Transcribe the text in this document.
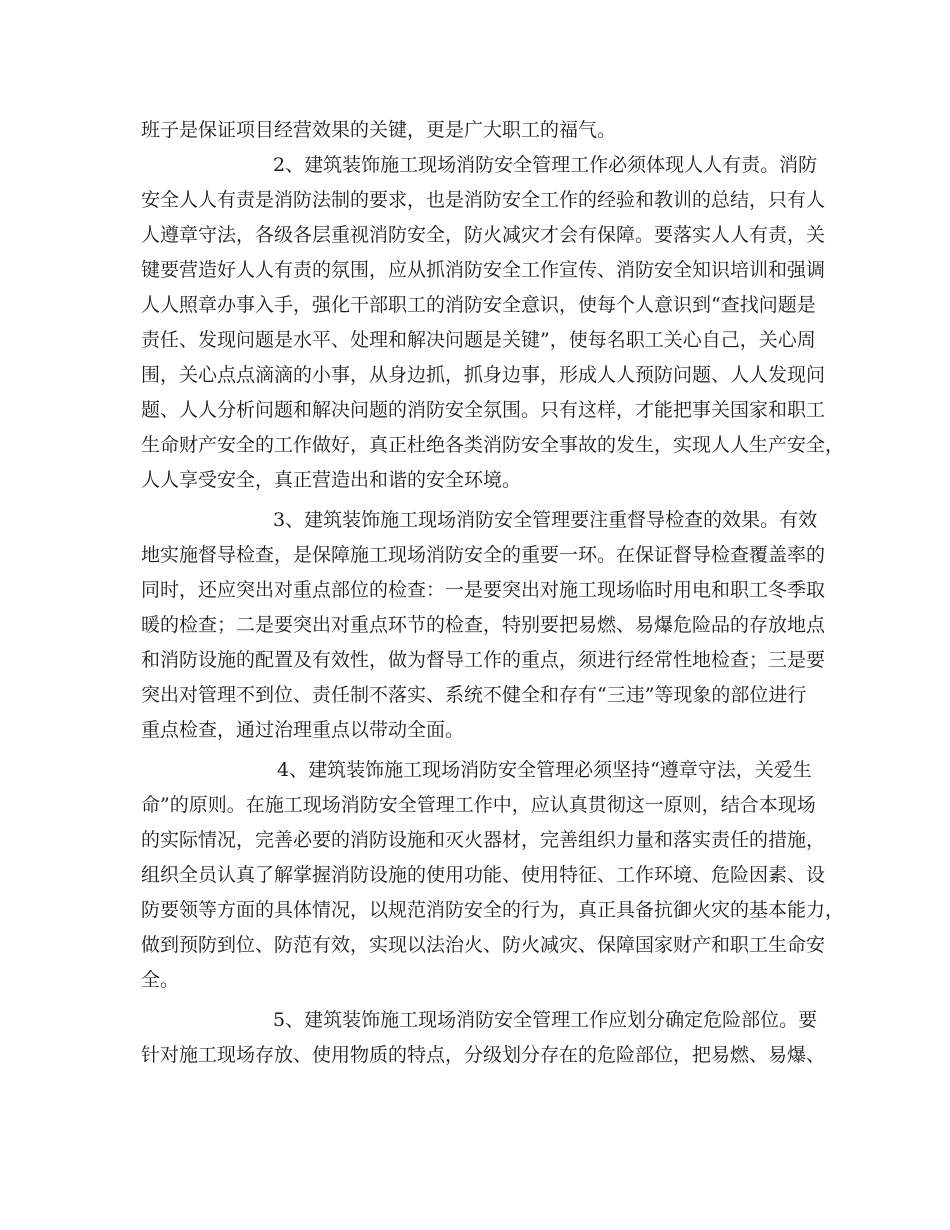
班子是保证项目经营效果的关键，更是广大职工的福气。

2、建筑装饰施工现场消防安全管理工作必须体现人人有责。消防

安全人人有责是消防法制的要求，也是消防安全工作的经验和教训的总结，只有人

人遵章守法，各级各层重视消防安全，防火减灾才会有保障。要落实人人有责，关

键要营造好人人有责的氛围，应从抓消防安全工作宣传、消防安全知识培训和强调

人人照章办事入手，强化干部职工的消防安全意识，使每个人意识到“查找问题是

责任、发现问题是水平、处理和解决问题是关键”，使每名职工关心自己，关心周

围，关心点点滴滴的小事，从身边抓，抓身边事，形成人人预防问题、人人发现问

题、人人分析问题和解决问题的消防安全氛围。只有这样，才能把事关国家和职工

生命财产安全的工作做好，真正杜绝各类消防安全事故的发生，实现人人生产安全，

人人享受安全，真正营造出和谐的安全环境。

3、建筑装饰施工现场消防安全管理要注重督导检查的效果。有效

地实施督导检查，是保障施工现场消防安全的重要一环。在保证督导检查覆盖率的

同时，还应突出对重点部位的检查：一是要突出对施工现场临时用电和职工冬季取

暖的检查；二是要突出对重点环节的检查，特别要把易燃、易爆危险品的存放地点

和消防设施的配置及有效性，做为督导工作的重点，须进行经常性地检查；三是要

突出对管理不到位、责任制不落实、系统不健全和存有“三违”等现象的部位进行

重点检查，通过治理重点以带动全面。

4、建筑装饰施工现场消防安全管理必须坚持“遵章守法，关爱生

命”的原则。在施工现场消防安全管理工作中，应认真贯彻这一原则，结合本现场

的实际情况，完善必要的消防设施和灭火器材，完善组织力量和落实责任的措施，

组织全员认真了解掌握消防设施的使用功能、使用特征、工作环境、危险因素、设

防要领等方面的具体情况，以规范消防安全的行为，真正具备抗御火灾的基本能力，

做到预防到位、防范有效，实现以法治火、防火减灾、保障国家财产和职工生命安

全。

5、建筑装饰施工现场消防安全管理工作应划分确定危险部位。要

针对施工现场存放、使用物质的特点，分级划分存在的危险部位，把易燃、易爆、
